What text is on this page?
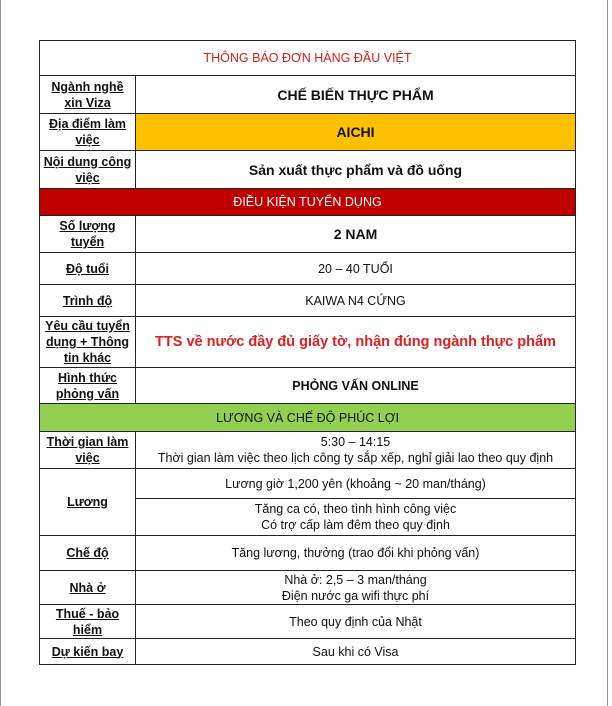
THÔNG BÁO ĐƠN HÀNG ĐẦU VIỆT	
Ngành nghề xin Viza	CHẾ BIẾN THỰC PHẨM
Địa điểm làm việc	AICHI
Nội dung công việc	Sản xuất thực phẩm và đồ uống
ĐIỀU KIỆN TUYỂN DỤNG	
Số lượng tuyển	2 NAM
Độ tuổi	20 – 40 TUỔI
Trình độ	KAIWA N4 CỨNG
Yêu cầu tuyển dụng + Thông tin khác	TTS về nước đầy đủ giấy tờ, nhận đúng ngành thực phẩm
Hình thức phỏng vấn	PHỎNG VẤN ONLINE
LƯƠNG VÀ CHẾ ĐỘ PHÚC LỢI	
Thời gian làm việc	5:30 – 14:15
Thời gian làm việc theo lịch công ty sắp xếp, nghỉ giải lao theo quy định

Lương	Lương giờ 1,200 yên (khoảng ~ 20 man/tháng)

	Tăng ca có, theo tình hình công việc
Có trợ cấp làm đêm theo quy định

Chế độ	Tăng lương, thưởng (trao đổi khi phỏng vấn)
Nhà ở	Nhà ở: 2,5 – 3 man/tháng
Điện nước ga wifi thực phí

Thuế - bảo hiểm	Theo quy định của Nhật
Dự kiến bay	Sau khi có Visa
